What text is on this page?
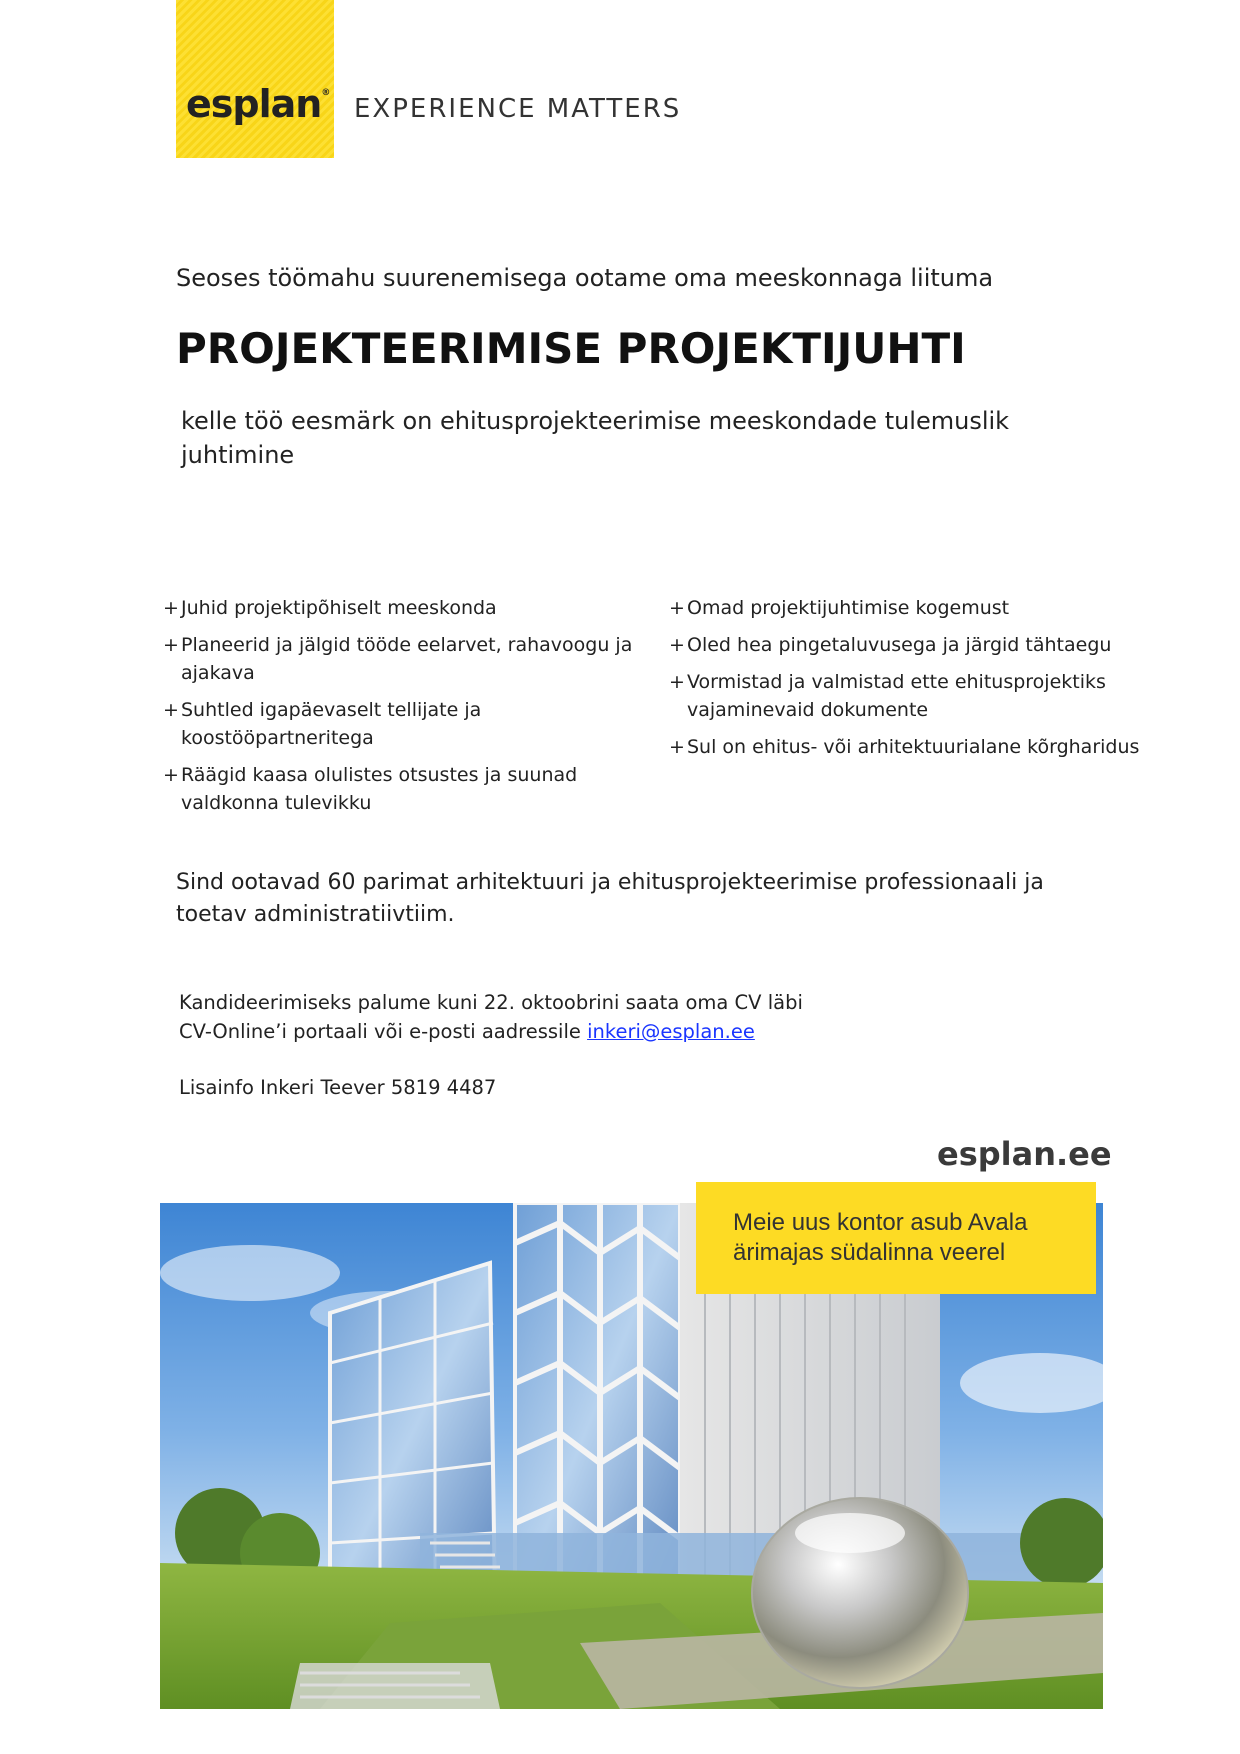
esplan®
EXPERIENCE MATTERS
Seoses töömahu suurenemisega ootame oma meeskonnaga liituma
PROJEKTEERIMISE PROJEKTIJUHTI
kelle töö eesmärk on ehitusprojekteerimise meeskondade tulemuslik juhtimine
+ Juhid projektipõhiselt meeskonda
+ Planeerid ja jälgid tööde eelarvet, rahavoogu ja ajakava
+ Suhtled igapäevaselt tellijate ja koostööpartneritega
+ Räägid kaasa olulistes otsustes ja suunad valdkonna tulevikku
+ Omad projektijuhtimise kogemust
+ Oled hea pingetaluvusega ja järgid tähtaegu
+ Vormistad ja valmistad ette ehitusprojektiks vajaminevaid dokumente
+ Sul on ehitus- või arhitektuurialane kõrgharidus
Sind ootavad 60 parimat arhitektuuri ja ehitusprojekteerimise professionaali ja toetav administratiivtiim.
Kandideerimiseks palume kuni 22. oktoobrini saata oma CV läbi
CV-Online’i portaali või e-posti aadressile inkeri@esplan.ee
Lisainfo Inkeri Teever 5819 4487
esplan.ee
Meie uus kontor asub Avala ärimajas südalinna veerel
